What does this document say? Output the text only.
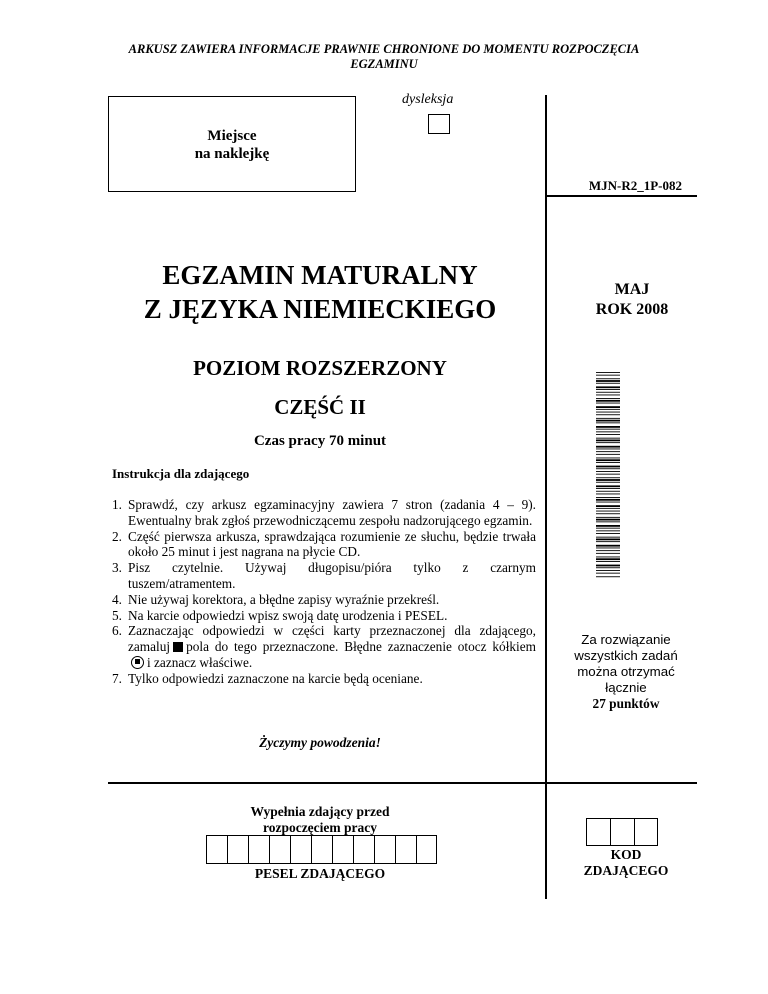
ARKUSZ ZAWIERA INFORMACJE PRAWNIE CHRONIONE DO MOMENTU ROZPOCZĘCIA EGZAMINU
Miejsce
na naklejkę
dysleksja
MJN-R2_1P-082
EGZAMIN MATURALNY
Z JĘZYKA NIEMIECKIEGO
MAJ
ROK 2008
POZIOM ROZSZERZONY
CZĘŚĆ II
Czas pracy 70 minut
Instrukcja dla zdającego
1. Sprawdź, czy arkusz egzaminacyjny zawiera 7 stron (zadania 4 – 9). Ewentualny brak zgłoś przewodniczącemu zespołu nadzorującego egzamin.
2. Część pierwsza arkusza, sprawdzająca rozumienie ze słuchu, będzie trwała około 25 minut i jest nagrana na płycie CD.
3. Pisz czytelnie. Używaj długopisu/pióra tylko z czarnym tuszem/atramentem.
4. Nie używaj korektora, a błędne zapisy wyraźnie przekreśl.
5. Na karcie odpowiedzi wpisz swoją datę urodzenia i PESEL.
6. Zaznaczając odpowiedzi w części karty przeznaczonej dla zdającego, zamaluj pola do tego przeznaczone. Błędne zaznaczenie otocz kółkiemi zaznacz właściwe.
7. Tylko odpowiedzi zaznaczone na karcie będą oceniane.
Za rozwiązanie
wszystkich zadań
można otrzymać
łącznie
27 punktów
Życzymy powodzenia!
Wypełnia zdający przed
rozpoczęciem pracy
PESEL ZDAJĄCEGO
KOD
ZDAJĄCEGO
